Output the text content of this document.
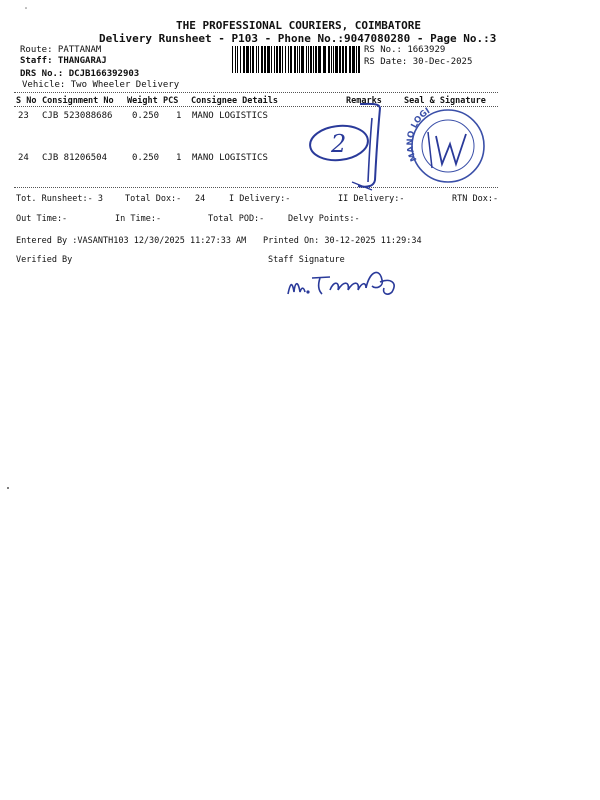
THE PROFESSIONAL COURIERS, COIMBATORE
Delivery Runsheet - P103 - Phone No.:9047080280 - Page No.:3
Route: PATTANAM
Staff: THANGARAJ
DRS No.: DCJB166392903
Vehicle: Two Wheeler Delivery
RS No.: 1663929
RS Date: 30-Dec-2025
S No Consignment No Weight PCS Consignee Details	Remarks	Seal & Signature
23 CJB 523088686 0.250 1 MANO LOGISTICS
24 CJB 81206504	0.250 1 MANO LOGISTICS
Tot. Runsheet:- 3	Total Dox:- 24	I Delivery:-	II Delivery:-	RTN Dox:-
Out Time:-	In Time:-	Total POD:-	Delvy Points:-
Entered By :VASANTH103 12/30/2025 11:27:33 AM Printed On: 30-12-2025 11:29:34
Verified By	Staff Signature
2	MANO LOGI
